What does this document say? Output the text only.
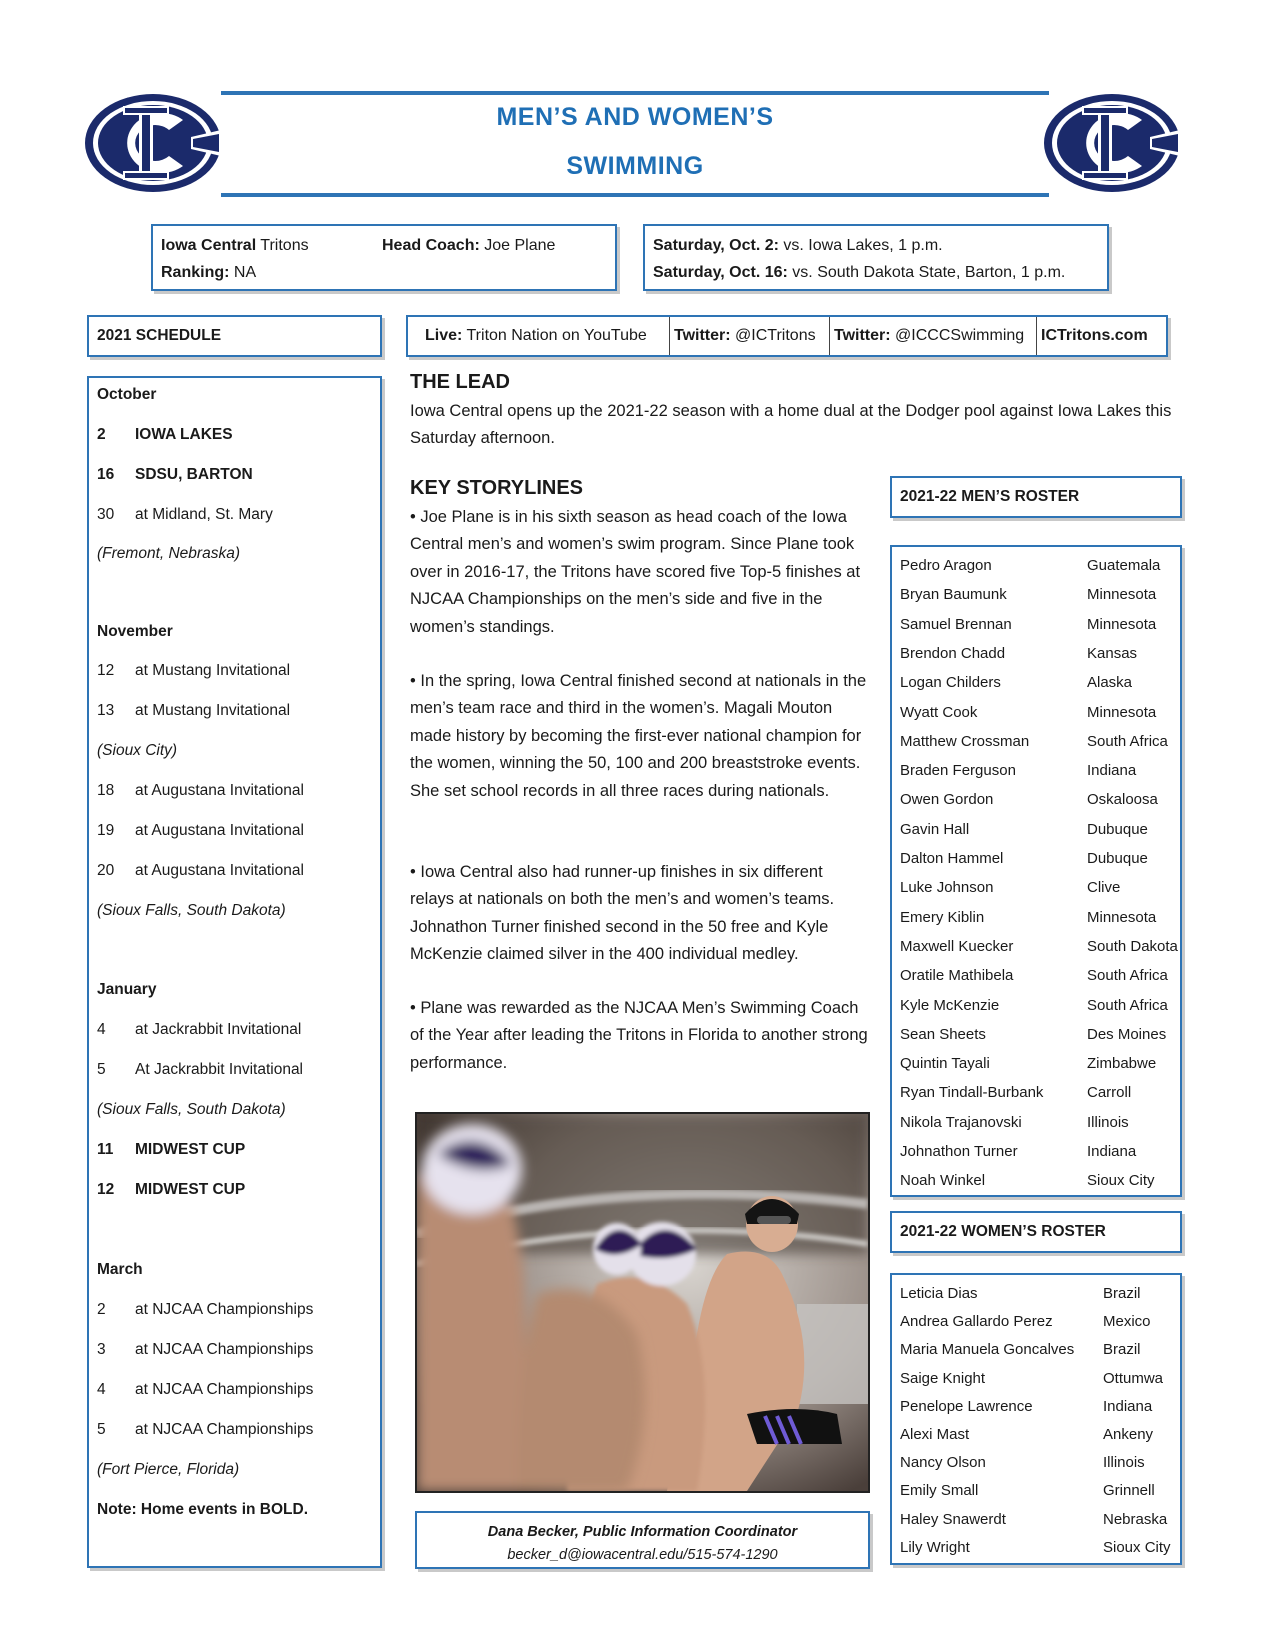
MEN’S AND WOMEN’S
SWIMMING
Iowa Central Tritons	Head Coach: Joe Plane
Ranking: NA
Saturday, Oct. 2: vs. Iowa Lakes, 1 p.m.
Saturday, Oct. 16: vs. South Dakota State, Barton, 1 p.m.
2021 SCHEDULE	Live: Triton Nation on YouTube Twitter: @ICTritons Twitter: @ICCCSwimming ICTritons.com
October
2 IOWA LAKES
16 SDSU, BARTON
30 at Midland, St. Mary
(Fremont, Nebraska)
November
12 at Mustang Invitational
13 at Mustang Invitational
(Sioux City)
18 at Augustana Invitational
19 at Augustana Invitational
20 at Augustana Invitational
(Sioux Falls, South Dakota)
January
4 at Jackrabbit Invitational
5 At Jackrabbit Invitational
(Sioux Falls, South Dakota)
11 MIDWEST CUP
12 MIDWEST CUP
March
2 at NJCAA Championships
3 at NJCAA Championships
4 at NJCAA Championships
5 at NJCAA Championships
(Fort Pierce, Florida)
Note: Home events in BOLD.
THE LEAD
Iowa Central opens up the 2021-22 season with a home dual at the Dodger pool against Iowa Lakes this Saturday afternoon.
KEY STORYLINES
• Joe Plane is in his sixth season as head coach of the Iowa Central men’s and women’s swim program. Since Plane took over in 2016-17, the Tritons have scored five Top-5 finishes at NJCAA Championships on the men’s side and five in the women’s standings.
• In the spring, Iowa Central finished second at nationals in the men’s team race and third in the women’s. Magali Mouton made history by becoming the first-ever national champion for the women, winning the 50, 100 and 200 breaststroke events. She set school records in all three races during nationals.
• Iowa Central also had runner-up finishes in six different relays at nationals on both the men’s and women’s teams. Johnathon Turner finished second in the 50 free and Kyle McKenzie claimed silver in the 400 individual medley.
• Plane was rewarded as the NJCAA Men’s Swimming Coach of the Year after leading the Tritons in Florida to another strong performance.
Dana Becker, Public Information Coordinator
becker_d@iowacentral.edu/515-574-1290
2021-22 MEN’S ROSTER
Pedro Aragon	Guatemala
Bryan Baumunk	Minnesota
Samuel Brennan	Minnesota
Brendon Chadd	Kansas
Logan Childers	Alaska
Wyatt Cook	Minnesota
Matthew Crossman	South Africa
Braden Ferguson	Indiana
Owen Gordon	Oskaloosa
Gavin Hall	Dubuque
Dalton Hammel	Dubuque
Luke Johnson	Clive
Emery Kiblin	Minnesota
Maxwell Kuecker	South Dakota
Oratile Mathibela	South Africa
Kyle McKenzie	South Africa
Sean Sheets	Des Moines
Quintin Tayali	Zimbabwe
Ryan Tindall-Burbank	Carroll
Nikola Trajanovski	Illinois
Johnathon Turner	Indiana
Noah Winkel	Sioux City
2021-22 WOMEN’S ROSTER
Leticia Dias	Brazil
Andrea Gallardo Perez	Mexico
Maria Manuela Goncalves Brazil
Saige Knight	Ottumwa
Penelope Lawrence	Indiana
Alexi Mast	Ankeny
Nancy Olson	Illinois
Emily Small	Grinnell
Haley Snawerdt	Nebraska
Lily Wright	Sioux City
